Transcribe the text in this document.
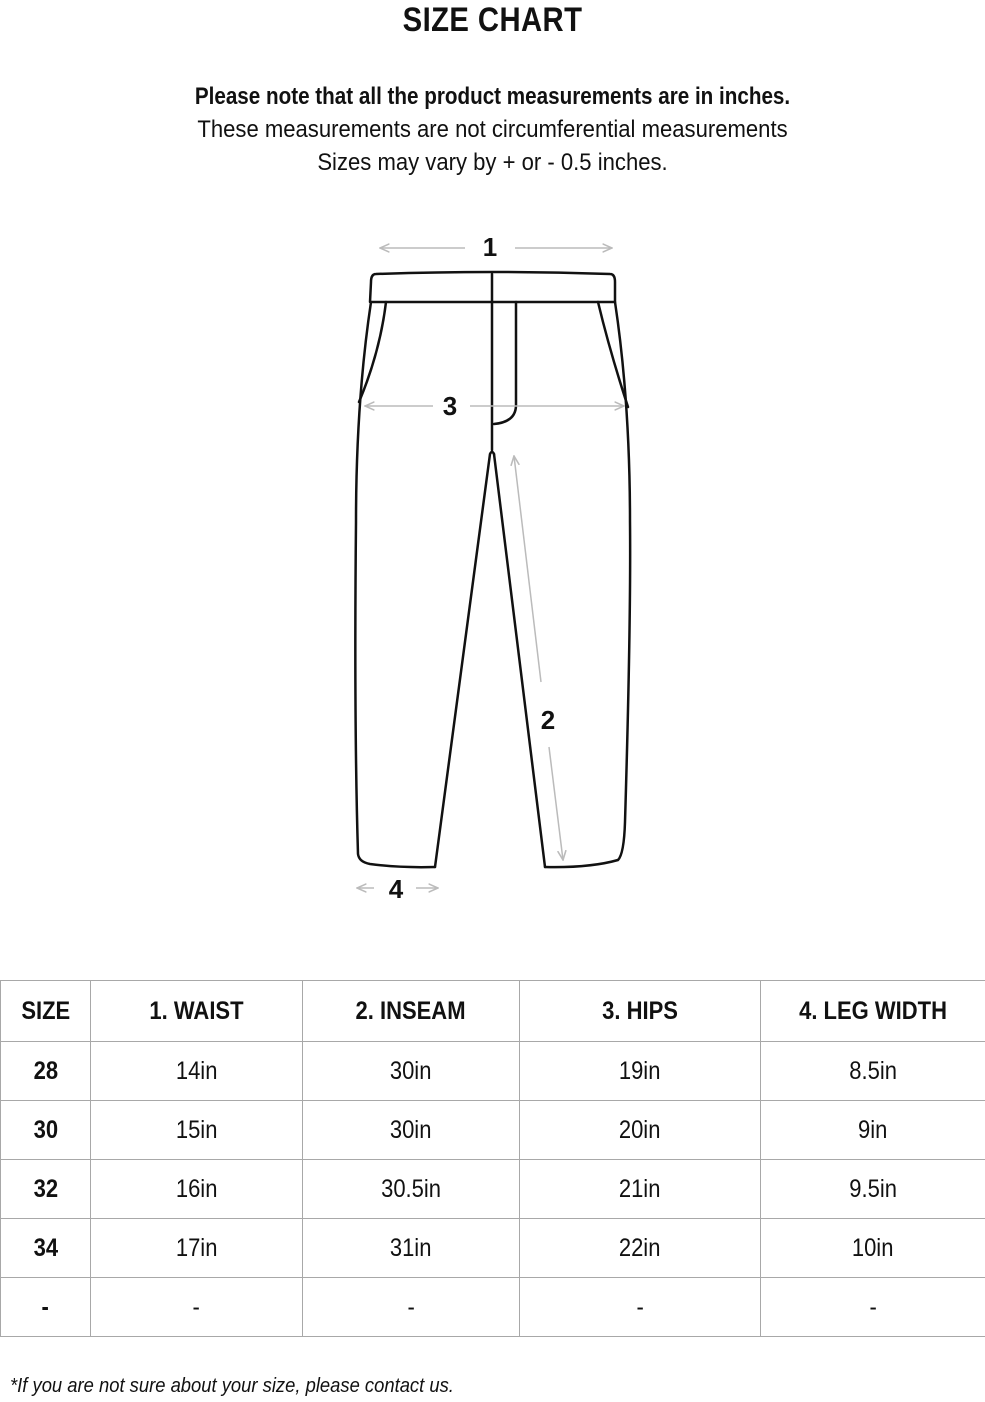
SIZE CHART
Please note that all the product measurements are in inches.
These measurements are not circumferential measurements
Sizes may vary by + or - 0.5 inches.
1
2
3
4
SIZE	1. WAIST	2. INSEAM	3. HIPS	4. LEG WIDTH
28	14in	30in	19in	8.5in
30	15in	30in	20in	9in
32	16in	30.5in	21in	9.5in
34	17in	31in	22in	10in
-	-	-	-	-
*If you are not sure about your size, please contact us.
